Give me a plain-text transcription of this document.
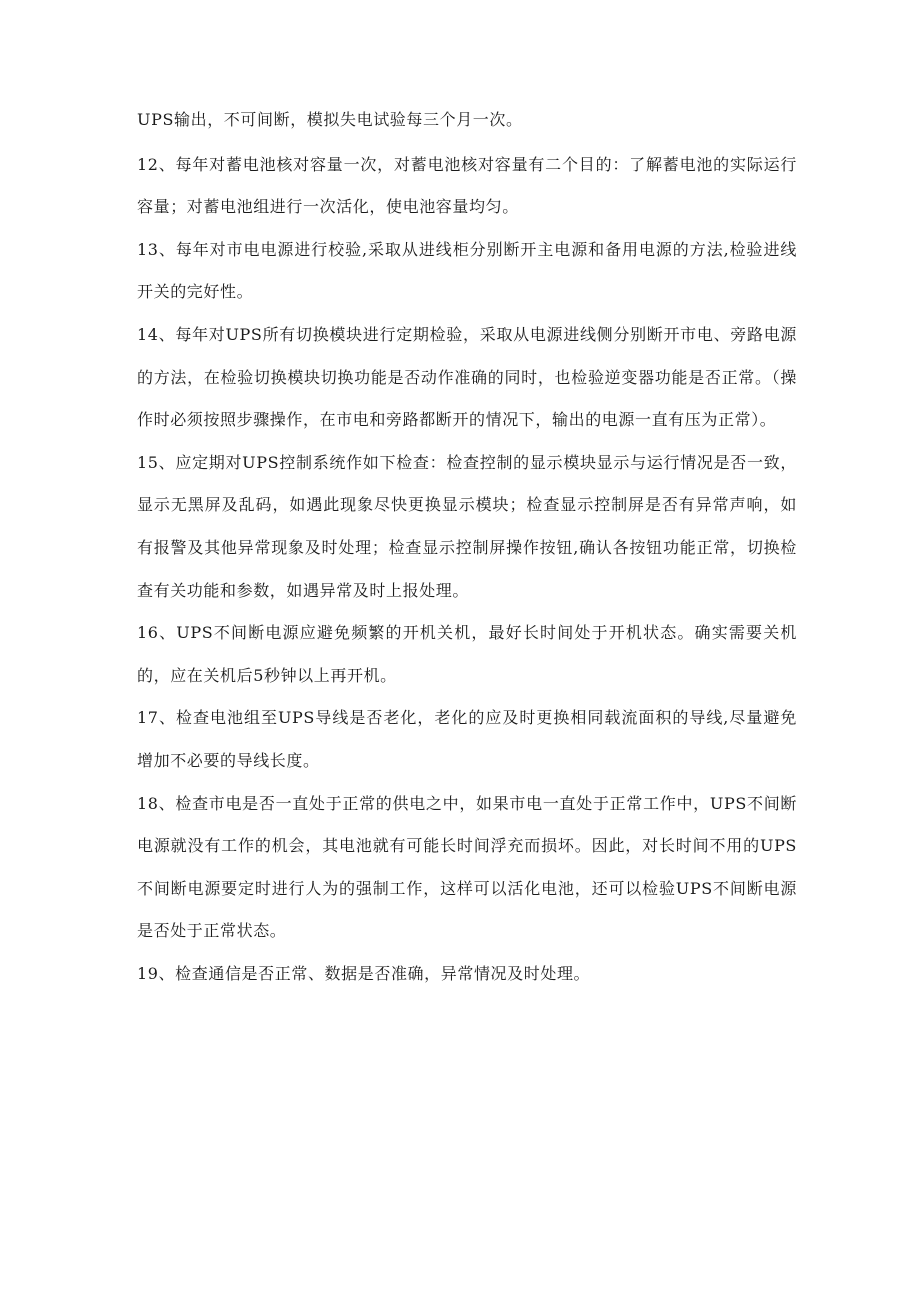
UPS输出，不可间断，模拟失电试验每三个月一次。

12、每年对蓄电池核对容量一次，对蓄电池核对容量有二个目的：了解蓄电池的实际运行容量；对蓄电池组进行一次活化，使电池容量均匀。

13、每年对市电电源进行校验,采取从进线柜分别断开主电源和备用电源的方法,检验进线开关的完好性。

14、每年对UPS所有切换模块进行定期检验，采取从电源进线侧分别断开市电、旁路电源的方法，在检验切换模块切换功能是否动作准确的同时，也检验逆变器功能是否正常。（操作时必须按照步骤操作，在市电和旁路都断开的情况下，输出的电源一直有压为正常）。

15、应定期对UPS控制系统作如下检查：检查控制的显示模块显示与运行情况是否一致，显示无黑屏及乱码，如遇此现象尽快更换显示模块；检查显示控制屏是否有异常声响，如有报警及其他异常现象及时处理；检查显示控制屏操作按钮,确认各按钮功能正常，切换检查有关功能和参数，如遇异常及时上报处理。

16、UPS不间断电源应避免频繁的开机关机，最好长时间处于开机状态。确实需要关机的，应在关机后5秒钟以上再开机。

17、检查电池组至UPS导线是否老化，老化的应及时更换相同载流面积的导线,尽量避免增加不必要的导线长度。

18、检查市电是否一直处于正常的供电之中，如果市电一直处于正常工作中，UPS不间断电源就没有工作的机会，其电池就有可能长时间浮充而损坏。因此，对长时间不用的UPS不间断电源要定时进行人为的强制工作，这样可以活化电池，还可以检验UPS不间断电源是否处于正常状态。

19、检查通信是否正常、数据是否准确，异常情况及时处理。
